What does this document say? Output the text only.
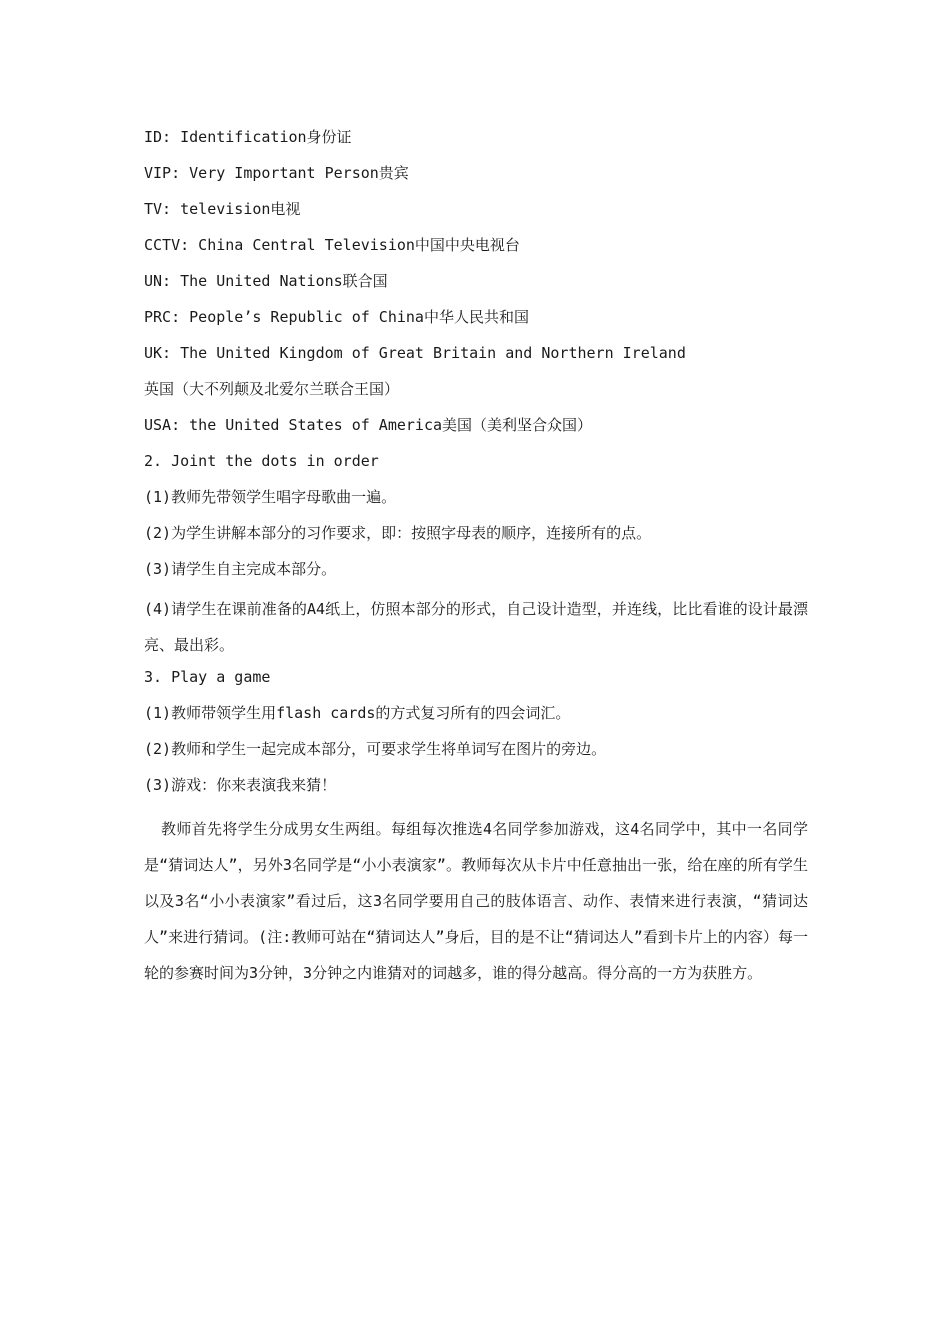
ID: Identification身份证
VIP: Very Important Person贵宾
TV: television电视
CCTV: China Central Television中国中央电视台
UN: The United Nations联合国
PRC: People’s Republic of China中华人民共和国
UK: The United Kingdom of Great Britain and Northern Ireland
英国（大不列颠及北爱尔兰联合王国）
USA: the United States of America美国（美利坚合众国）
2. Joint the dots in order
(1)教师先带领学生唱字母歌曲一遍。
(2)为学生讲解本部分的习作要求，即：按照字母表的顺序，连接所有的点。
(3)请学生自主完成本部分。
(4)请学生在课前准备的A4纸上，仿照本部分的形式，自己设计造型，并连线，比比看谁的设计最漂亮、最出彩。
3. Play a game
(1)教师带领学生用flash cards的方式复习所有的四会词汇。
(2)教师和学生一起完成本部分，可要求学生将单词写在图片的旁边。
(3)游戏：你来表演我来猜！
教师首先将学生分成男女生两组。每组每次推选4名同学参加游戏，这4名同学中，其中一名同学是“猜词达人”，另外3名同学是“小小表演家”。教师每次从卡片中任意抽出一张，给在座的所有学生以及3名“小小表演家”看过后，这3名同学要用自己的肢体语言、动作、表情来进行表演，“猜词达人”来进行猜词。(注:教师可站在“猜词达人”身后，目的是不让“猜词达人”看到卡片上的内容）每一轮的参赛时间为3分钟，3分钟之内谁猜对的词越多，谁的得分越高。得分高的一方为获胜方。
